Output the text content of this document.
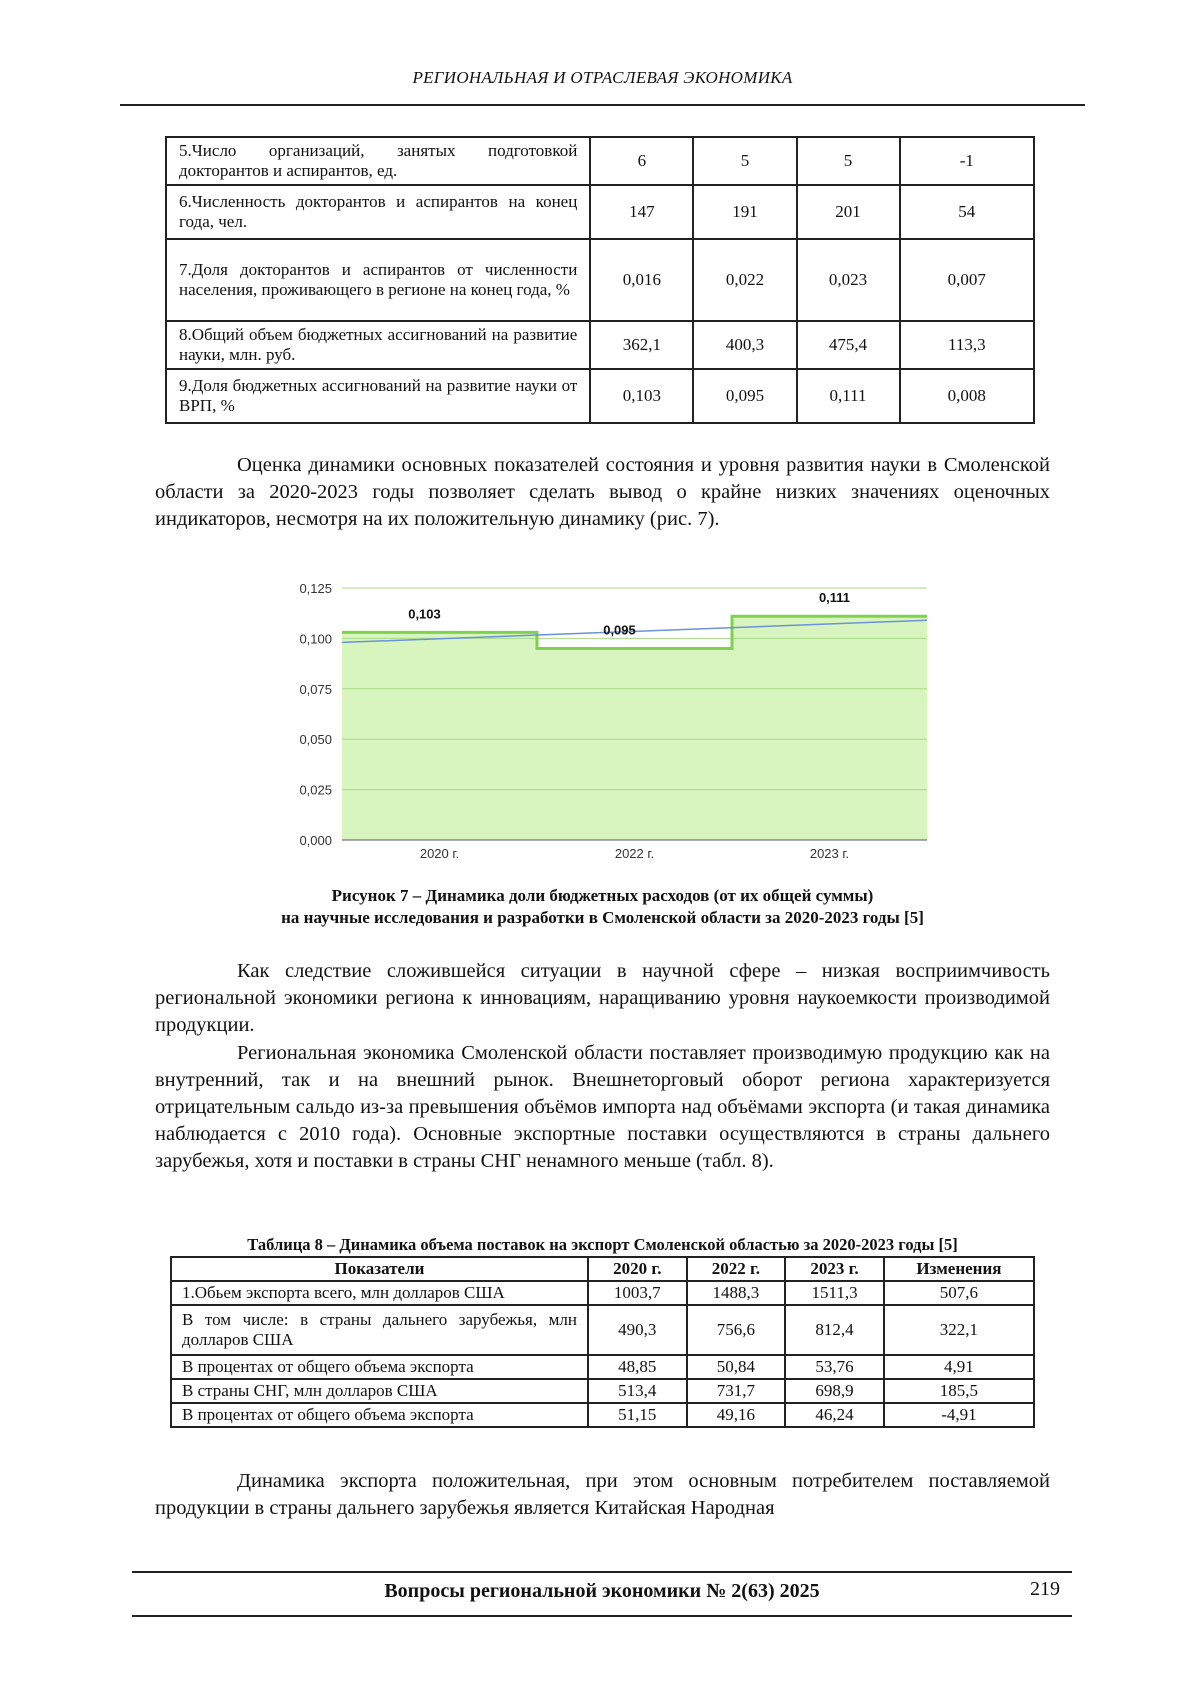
РЕГИОНАЛЬНАЯ И ОТРАСЛЕВАЯ ЭКОНОМИКА
5.Число организаций, занятых подготовкой докторантов и аспирантов, ед.	6	5	5	-1
6.Численность докторантов и аспирантов на конец года, чел.	147	191	201	54
7.Доля докторантов и аспирантов от численности населения, проживающего в регионе на конец года, %	0,016	0,022	0,023	0,007
8.Общий объем бюджетных ассигнований на развитие науки, млн. руб.	362,1	400,3	475,4	113,3
9.Доля бюджетных ассигнований на развитие науки от ВРП, %	0,103	0,095	0,111	0,008

Оценка динамики основных показателей состояния и уровня развития науки в Смоленской области за 2020-2023 годы позволяет сделать вывод о крайне низких значениях оценочных индикаторов, несмотря на их положительную динамику (рис. 7).

0,000
0,025
0,050
0,075
0,100
0,125
0,103
0,095
0,111
2020 г.	2022 г.	2023 г.
Рисунок 7 – Динамика доли бюджетных расходов (от их общей суммы)
на научные исследования и разработки в Смоленской области за 2020-2023 годы [5]

Как следствие сложившейся ситуации в научной сфере – низкая восприимчивость региональной экономики региона к инновациям, наращиванию уровня наукоемкости производимой продукции.

Региональная экономика Смоленской области поставляет производимую продукцию как на внутренний, так и на внешний рынок. Внешнеторговый оборот региона характеризуется отрицательным сальдо из-за превышения объёмов импорта над объёмами экспорта (и такая динамика наблюдается с 2010 года). Основные экспортные поставки осуществляются в страны дальнего зарубежья, хотя и поставки в страны СНГ ненамного меньше (табл. 8).

Таблица 8 – Динамика объема поставок на экспорт Смоленской областью за 2020-2023 годы [5]
Показатели	2020 г.	2022 г.	2023 г.	Изменения
1.Обьем экспорта всего, млн долларов США	1003,7	1488,3	1511,3	507,6
В том числе: в страны дальнего зарубежья, млн долларов США	490,3	756,6	812,4	322,1
В процентах от общего объема экспорта	48,85	50,84	53,76	4,91
В страны СНГ, млн долларов США	513,4	731,7	698,9	185,5
В процентах от общего объема экспорта	51,15	49,16	46,24	-4,91

Динамика экспорта положительная, при этом основным потребителем поставляемой продукции в страны дальнего зарубежья является Китайская Народная

Вопросы региональной экономики № 2(63) 2025	219
